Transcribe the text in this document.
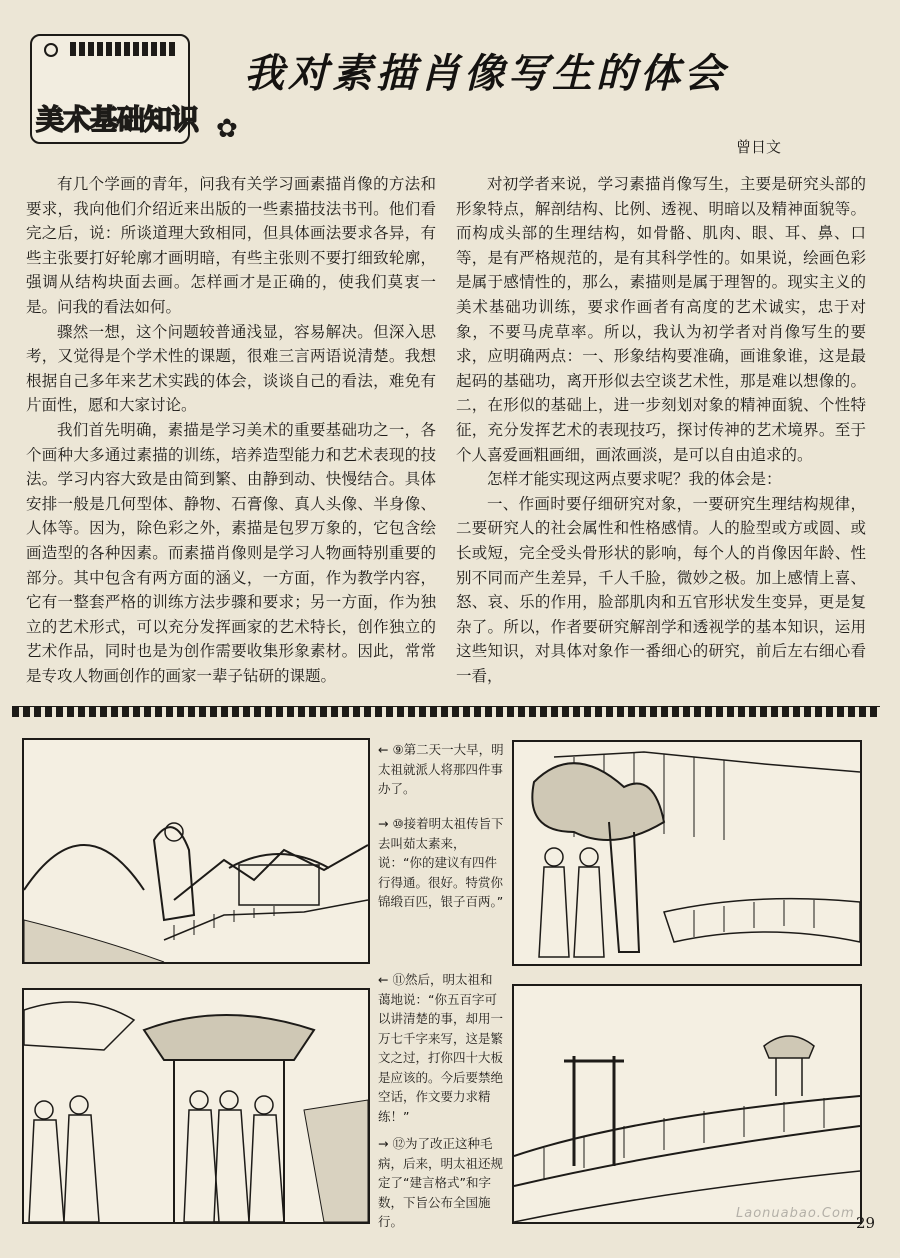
美术基础知识 ✿
我对素描肖像写生的体会
曾日文

有几个学画的青年，问我有关学习画素描肖像的方法和要求，我向他们介绍近来出版的一些素描技法书刊。他们看完之后，说：所谈道理大致相同，但具体画法要求各异，有些主张要打好轮廓才画明暗，有些主张则不要打细致轮廓，强调从结构块面去画。怎样画才是正确的，使我们莫衷一是。问我的看法如何。

骤然一想，这个问题较普通浅显，容易解决。但深入思考，又觉得是个学术性的课题，很难三言两语说清楚。我想根据自己多年来艺术实践的体会，谈谈自己的看法，难免有片面性，愿和大家讨论。

我们首先明确，素描是学习美术的重要基础功之一，各个画种大多通过素描的训练，培养造型能力和艺术表现的技法。学习内容大致是由简到繁、由静到动、快慢结合。具体安排一般是几何型体、静物、石膏像、真人头像、半身像、人体等。因为，除色彩之外，素描是包罗万象的，它包含绘画造型的各种因素。而素描肖像则是学习人物画特别重要的部分。其中包含有两方面的涵义，一方面，作为教学内容，它有一整套严格的训练方法步骤和要求；另一方面，作为独立的艺术形式，可以充分发挥画家的艺术特长，创作独立的艺术作品，同时也是为创作需要收集形象素材。因此，常常是专攻人物画创作的画家一辈子钻研的课题。

对初学者来说，学习素描肖像写生，主要是研究头部的形象特点，解剖结构、比例、透视、明暗以及精神面貌等。而构成头部的生理结构，如骨骼、肌肉、眼、耳、鼻、口等，是有严格规范的，是有其科学性的。如果说，绘画色彩是属于感情性的，那么，素描则是属于理智的。现实主义的美术基础功训练，要求作画者有高度的艺术诚实，忠于对象，不要马虎草率。所以，我认为初学者对肖像写生的要求，应明确两点：一、形象结构要准确，画谁象谁，这是最起码的基础功，离开形似去空谈艺术性，那是难以想像的。二，在形似的基础上，进一步刻划对象的精神面貌、个性特征，充分发挥艺术的表现技巧，探讨传神的艺术境界。至于个人喜爱画粗画细，画浓画淡，是可以自由追求的。

怎样才能实现这两点要求呢？我的体会是：

一、作画时要仔细研究对象，一要研究生理结构规律，二要研究人的社会属性和性格感情。人的脸型或方或圆、或长或短，完全受头骨形状的影响，每个人的肖像因年龄、性别不同而产生差异，千人千脸，微妙之极。加上感情上喜、怒、哀、乐的作用，脸部肌肉和五官形状发生变异，更是复杂了。所以，作者要研究解剖学和透视学的基本知识，运用这些知识，对具体对象作一番细心的研究，前后左右细心看一看，

← ⑨第二天一大早，明太祖就派人将那四件事办了。
→ ⑩接着明太祖传旨下去叫茹太素来，说：“你的建议有四件行得通。很好。特赏你锦缎百匹，银子百两。”
← ⑪然后，明太祖和蔼地说：“你五百字可以讲清楚的事，却用一万七千字来写，这是繁文之过，打你四十大板是应该的。今后要禁绝空话，作文要力求精练！”
→ ⑫为了改正这种毛病，后来，明太祖还规定了“建言格式”和字数，下旨公布全国施行。
Laonuabao.Com
29
